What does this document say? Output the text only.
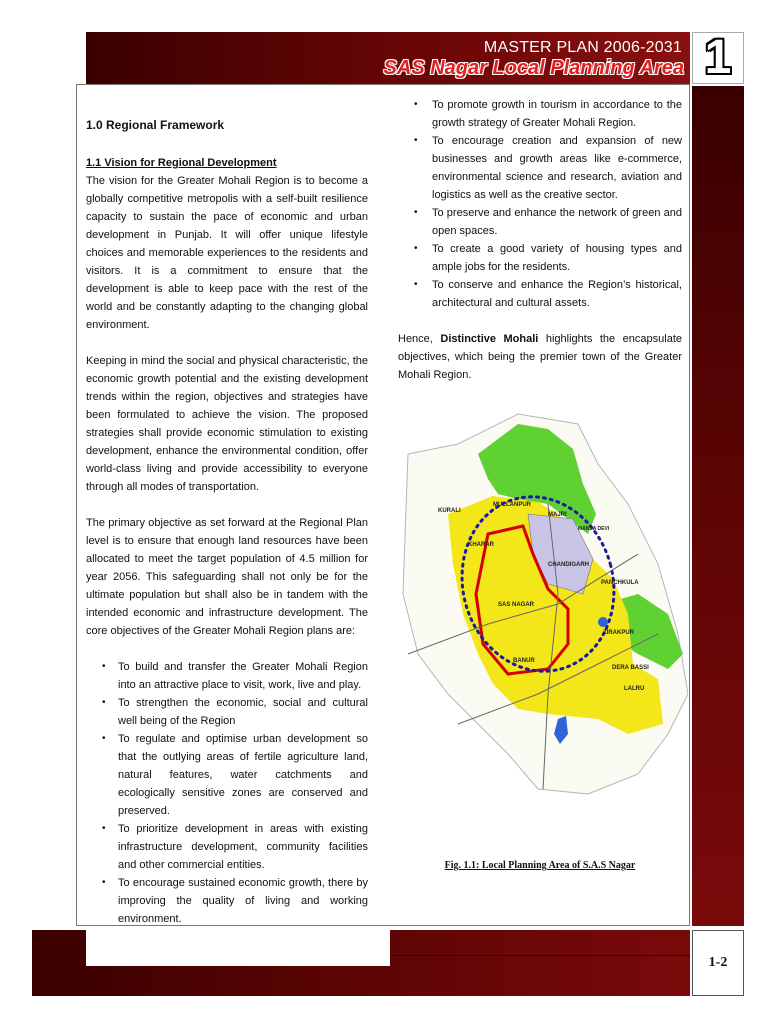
MASTER PLAN 2006-2031
SAS Nagar Local Planning Area 1

1.0 Regional Framework

1.1 Vision for Regional Development

The vision for the Greater Mohali Region is to become a globally competitive metropolis with a self-built resilience capacity to sustain the pace of economic and urban development in Punjab. It will offer unique lifestyle choices and memorable experiences to the residents and visitors. It is a commitment to ensure that the development is able to keep pace with the rest of the world and be constantly adapting to the changing global environment.

Keeping in mind the social and physical characteristic, the economic growth potential and the existing development trends within the region, objectives and strategies have been formulated to achieve the vision. The proposed strategies shall provide economic stimulation to existing development, enhance the environmental condition, offer world-class living and provide accessibility to everyone through all modes of transportation.

The primary objective as set forward at the Regional Plan level is to ensure that enough land resources have been allocated to meet the target population of 4.5 million for year 2056. This safeguarding shall not only be for the ultimate population but shall also be in tandem with the intended economic and infrastructure development. The core objectives of the Greater Mohali Region plans are:

• To build and transfer the Greater Mohali Region into an attractive place to visit, work, live and play.
• To strengthen the economic, social and cultural well being of the Region
• To regulate and optimise urban development so that the outlying areas of fertile agriculture land, natural features, water catchments and ecologically sensitive zones are conserved and preserved.
• To prioritize development in areas with existing infrastructure development, community facilities and other commercial entities.
• To encourage sustained economic growth, there by improving the quality of living and working environment.
• To promote growth in tourism in accordance to the growth strategy of Greater Mohali Region.
• To encourage creation and expansion of new businesses and growth areas like e-commerce, environmental science and research, aviation and logistics as well as the creative sector.
• To preserve and enhance the network of green and open spaces.
• To create a good variety of housing types and ample jobs for the residents.
• To conserve and enhance the Region’s historical, architectural and cultural assets.

Hence, Distinctive Mohali highlights the encapsulate objectives, which being the premier town of the Greater Mohali Region.

KURALI
MULLANPUR
MAJRI
MANSA DEVI
KHARAR
CHANDIGARH
PANCHKULA
SAS NAGAR
ZIRAKPUR
BANUR
DERA BASSI
LALRU
Fig. 1.1: Local Planning Area of S.A.S Nagar
1-2
